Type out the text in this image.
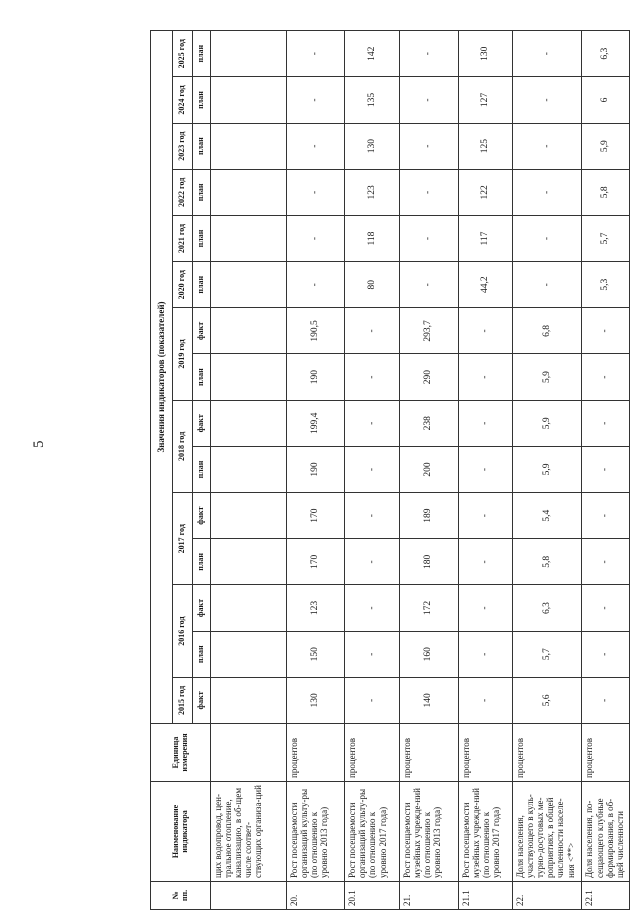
5
№ пп.	Наименование индикатора	Единица измерения	Значения индикаторов (показателей)														
			2015 год	2016 год		2017 год		2018 год		2019 год		2020 год	2021 год	2022 год	2023 год	2024 год	2025 год
			факт	план	факт	план	факт	план	факт	план	факт	план	план	план	план	план	план
	щих водопровод, цен-тральное отопление, канализацию, в об-щем числе соответ-ствующих организа-ций																
20.	Рост посещаемости организаций культу-ры (по отношению к уровню 2013 года)	процентов	130	150	123	170	170	190	199,4	190	190,5	-	-	-	-	-	-
20.1	Рост посещаемости организаций культу-ры (по отношению к уровню 2017 года)	процентов	-	-	-	-	-	-	-	-	-	80	118	123	130	135	142
21.	Рост посещаемости музейных учрежде-ний (по отношению к уровню 2013 года)	процентов	140	160	172	180	189	200	238	290	293,7	-	-	-	-	-	-
21.1	Рост посещаемости музейных учрежде-ний (по отношению к уровню 2017 года)	процентов	-	-	-	-	-	-	-	-	-	44,2	117	122	125	127	130
22.	Доля населения, участвующего в куль-турно-досуговых ме-роприятиях, в общей численности населе-ния <**>	процентов	5,6	5,7	6,3	5,8	5,4	5,9	5,9	5,9	6,8	-	-	-	-	-	-
22.1	Доля населения, по-сещающего клубные формирования, в об-щей численности	процентов	-	-	-	-	-	-	-	-	-	5,3	5,7	5,8	5,9	6	6,3
